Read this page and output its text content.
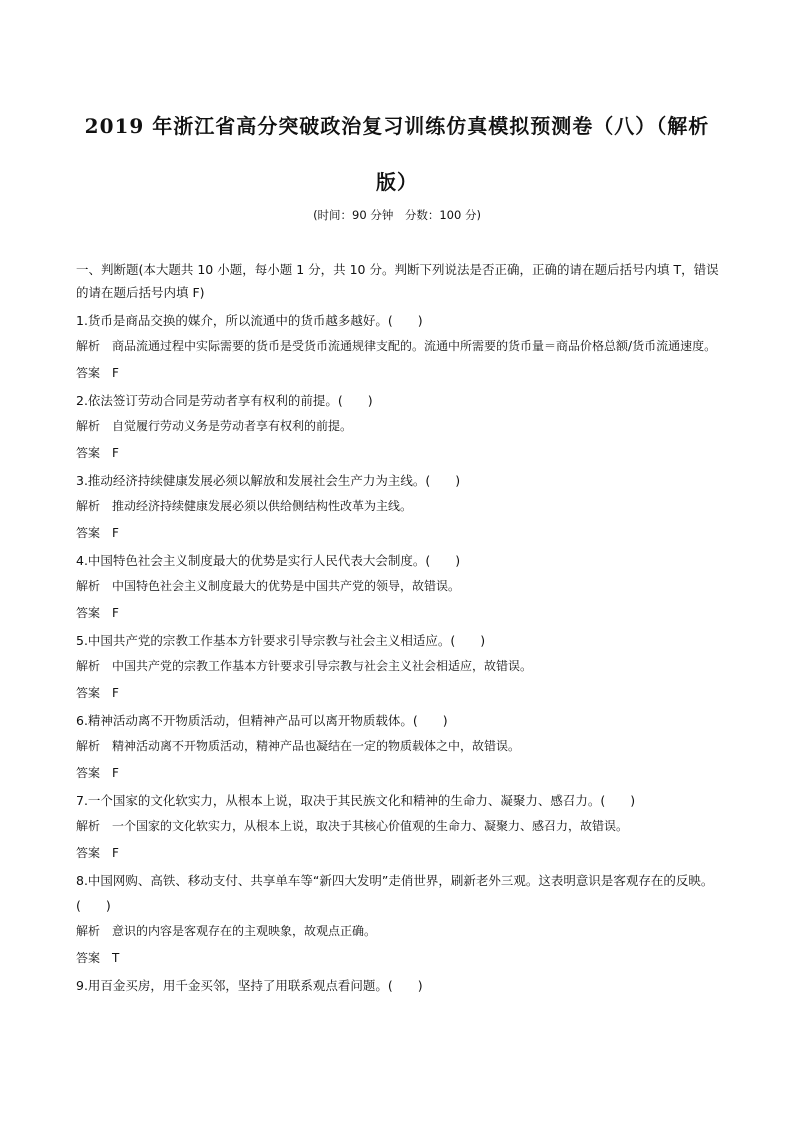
2019 年浙江省高分突破政治复习训练仿真模拟预测卷（八）（解析版）
(时间：90 分钟　分数：100 分)

一、判断题(本大题共 10 小题，每小题 1 分，共 10 分。判断下列说法是否正确，正确的请在题后括号内填 T，错误的请在题后括号内填 F)

1.货币是商品交换的媒介，所以流通中的货币越多越好。(　　)

解析 商品流通过程中实际需要的货币是受货币流通规律支配的。流通中所需要的货币量＝商品价格总额/货币流通速度。

答案 F

2.依法签订劳动合同是劳动者享有权利的前提。(　　)

解析 自觉履行劳动义务是劳动者享有权利的前提。

答案 F

3.推动经济持续健康发展必须以解放和发展社会生产力为主线。(　　)

解析 推动经济持续健康发展必须以供给侧结构性改革为主线。

答案 F

4.中国特色社会主义制度最大的优势是实行人民代表大会制度。(　　)

解析 中国特色社会主义制度最大的优势是中国共产党的领导，故错误。

答案 F

5.中国共产党的宗教工作基本方针要求引导宗教与社会主义相适应。(　　)

解析 中国共产党的宗教工作基本方针要求引导宗教与社会主义社会相适应，故错误。

答案 F

6.精神活动离不开物质活动，但精神产品可以离开物质载体。(　　)

解析 精神活动离不开物质活动，精神产品也凝结在一定的物质载体之中，故错误。

答案 F

7.一个国家的文化软实力，从根本上说，取决于其民族文化和精神的生命力、凝聚力、感召力。(　　)

解析 一个国家的文化软实力，从根本上说，取决于其核心价值观的生命力、凝聚力、感召力，故错误。

答案 F

8.中国网购、高铁、移动支付、共享单车等“新四大发明”走俏世界，刷新老外三观。这表明意识是客观存在的反映。(　　)

解析 意识的内容是客观存在的主观映象，故观点正确。

答案 T

9.用百金买房，用千金买邻，坚持了用联系观点看问题。(　　)
